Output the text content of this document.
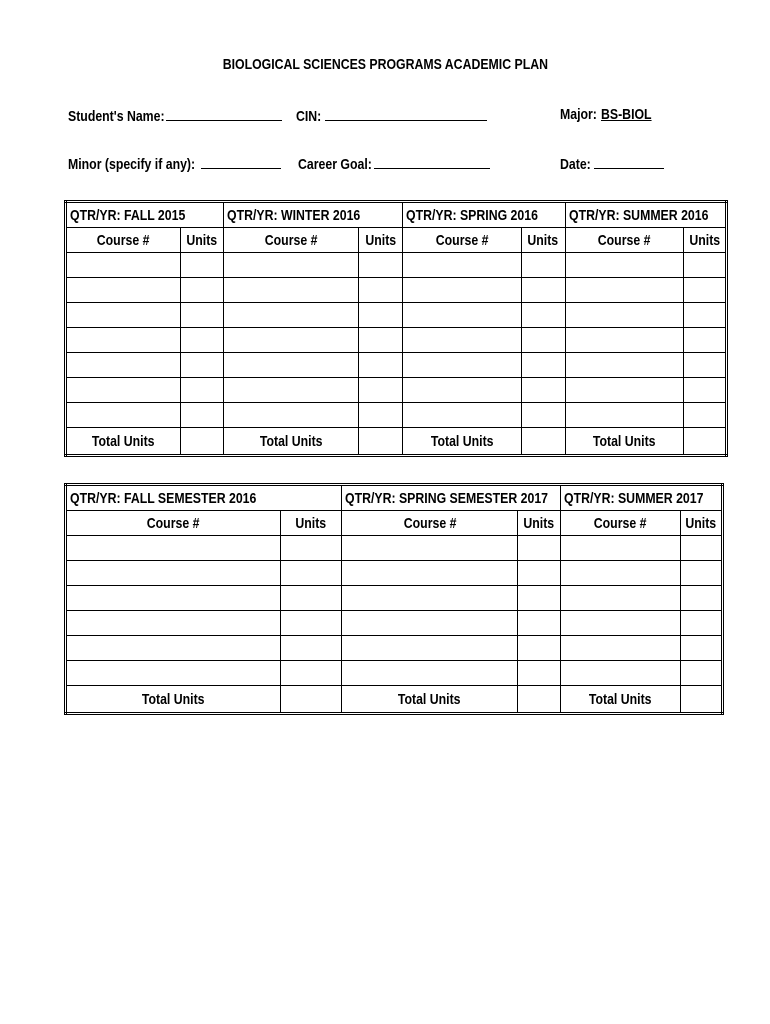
BIOLOGICAL SCIENCES PROGRAMS ACADEMIC PLAN
Student's Name:	CIN:	Major: BS-BIOL
Minor (specify if any):	Career Goal:	Date:
QTR/YR: FALL 2015		QTR/YR: WINTER 2016		QTR/YR: SPRING 2016		QTR/YR: SUMMER 2016	
Course #	Units	Course #	Units	Course #	Units	Course #	Units

Total Units		Total Units		Total Units		Total Units	
QTR/YR: FALL SEMESTER 2016		QTR/YR: SPRING SEMESTER 2017		QTR/YR: SUMMER 2017	
Course #	Units	Course #	Units	Course #	Units

Total Units		Total Units		Total Units	
